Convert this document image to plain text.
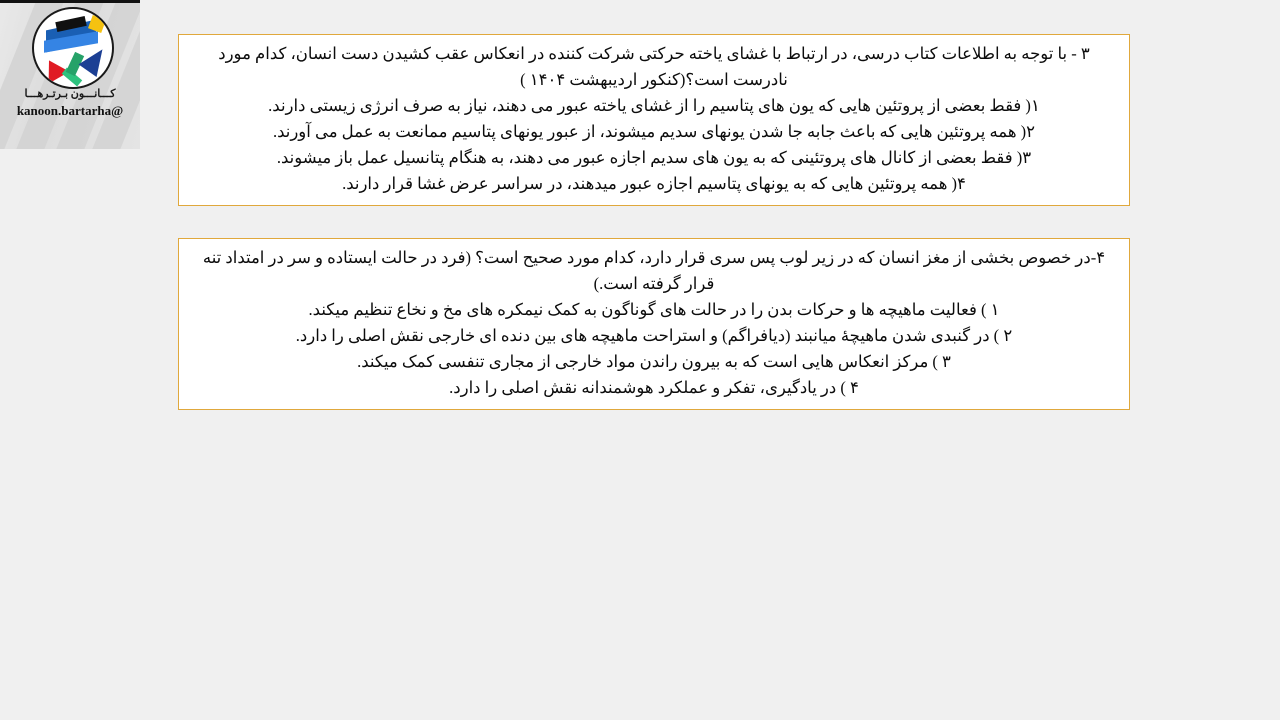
کـــانـــون بـرتـرهـــا
@kanoon.bartarha

۳ - با توجه به اطلاعات کتاب درسی، در ارتباط با غشای یاخته حرکتی شرکت کننده در انعکاس عقب کشیدن دست انسان، کدام مورد نادرست است؟(کنکور اردیبهشت ۱۴۰۴ )

۱( فقط بعضی از پروتئین هایی که یون های پتاسیم را از غشای یاخته عبور می دهند، نیاز به صرف انرژی زیستی دارند.
۲( همه پروتئین هایی که باعث جابه جا شدن یونهای سدیم میشوند، از عبور یونهای پتاسیم ممانعت به عمل می آورند.
۳( فقط بعضی از کانال های پروتئینی که به یون های سدیم اجازه عبور می دهند، به هنگام پتانسیل عمل باز میشوند.
۴( همه پروتئین هایی که به یونهای پتاسیم اجازه عبور میدهند، در سراسر عرض غشا قرار دارند.

۴-در خصوص بخشی از مغز انسان که در زیر لوب پس سری قرار دارد، کدام مورد صحیح است؟ (فرد در حالت ایستاده و سر در امتداد تنه قرار گرفته است.)

۱ ) فعالیت ماهیچه ها و حرکات بدن را در حالت های گوناگون به کمک نیمکره های مخ و نخاع تنظیم میکند.
۲ ) در گنبدی شدن ماهیچهٔ میانبند (دیافراگم) و استراحت ماهیچه های بین دنده ای خارجی نقش اصلی را دارد.
۳ ) مرکز انعکاس هایی است که به بیرون راندن مواد خارجی از مجاری تنفسی کمک میکند.
۴ ) در یادگیری، تفکر و عملکرد هوشمندانه نقش اصلی را دارد.
